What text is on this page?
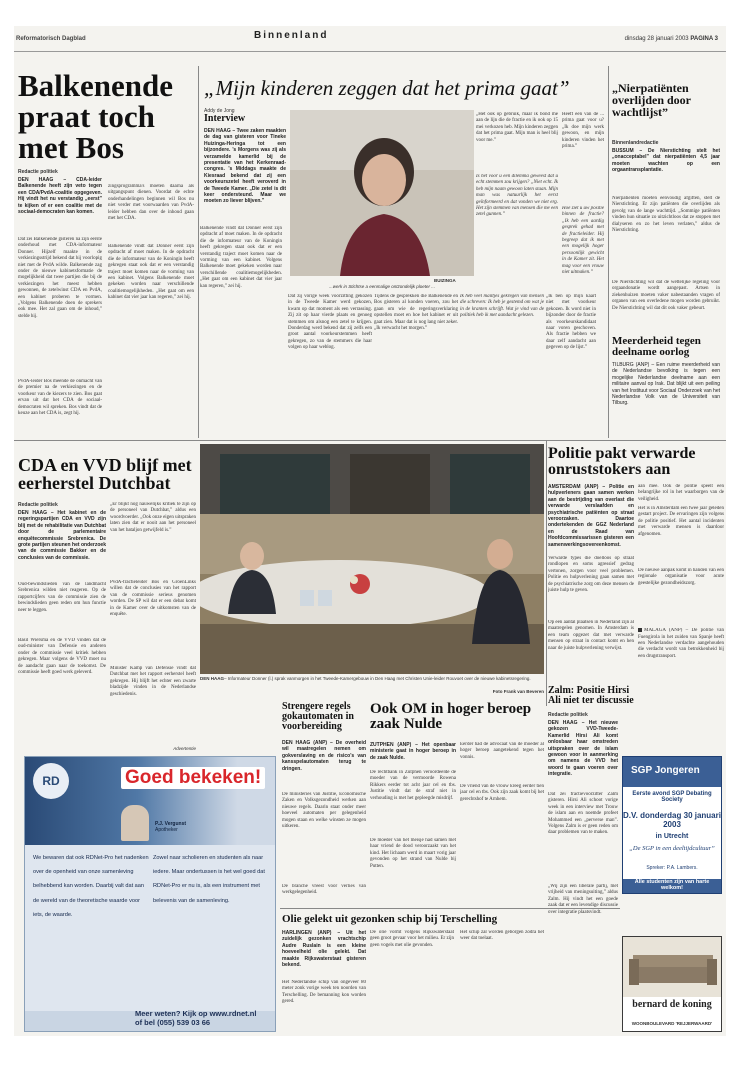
Reformatorisch Dagblad	Binnenland	dinsdag 28 januari 2003 PAGINA 3
Balkenende praat toch met Bos
Redactie politiek
DEN HAAG – CDA-leider Balkenende heeft zijn veto tegen een CDA/PvdA-coalitie opgegeven. Hij vindt het nu verstandig „eerst” te kijken of er een coalitie met de sociaal-democraten kan komen.
Dat zei Balkenende gisteren na zijn eerste onderhoud met CDA-informateur Donner. Hijzelf maakte in de verkiezingsstrijd bekend dat hij voorlopig niet met de PvdA wilde. Balkenende zag onder de nieuwe kabinetsformatie de mogelijkheid dat twee partijen die bij de verkiezingen het meest hebben gewonnen, de zetelwinst CDA en PvdA, een kabinet proberen te vormen. „Volgens Balkenende doen de sprekers ook mee. Het zal gaan om de inhoud,” stelde hij.
PvdA-leider Bos meende de onmacht van de premier na de verkiezingen en de voorkeur van de kiezers te zien. Bos gaat ervan uit dat het CDA de sociaal-democraten wil spreken. Bos vindt dat de keuze aan het CDA is, zegt hij.
zingsprogramma's moeten daarna als uitgangspunt dienen. Voordat de echte onderhandelingen beginnen wil Bos nu niet verder met voorwaarden van PvdA-leider hebben dan over de inhoud gaan met het CDA.
Balkenende vindt dat Donner eerst zijn opdracht af moet maken. In de opdracht die de informateur van de Koningin heeft gekregen staat ook dat er een verstandig traject moet komen naar de vorming van een kabinet. Volgens Balkenende moet gekeken worden naar verschillende coalitiemogelijkheden. „Het gaat om een kabinet dat vier jaar kan regeren,” zei hij.
Balkenende vindt dat Donner eerst zijn opdracht af moet maken. In de opdracht die de informateur van de Koningin heeft gekregen staat ook dat er een verstandig traject moet komen naar de vorming van een kabinet. Volgens Balkenende moet gekeken worden naar verschillende coalitiemogelijkheden. „Het gaat om een kabinet dat vier jaar kan regeren,” zei hij.
„Mijn kinderen zeggen dat het prima gaat”
Addy de Jong
Interview
DEN HAAG – Twee zaken maakten de dag van gisteren voor Tineke Huizinga-Heringa tot een bijzondere. ’s Morgens was zij als verzamelde kamerlid bij de presentatie van het Kerkenraad-congres. ’s Middags maakte de Kiesraad bekend dat zij een voorkeurszetel heeft veroverd in de Tweede Kamer. „Die zetel is dit keer ondersteund. Maar we moeten zo liever blijven.”
Dat zij vorige week voorzitting gekozen in de Tweede Kamer werd gekozen, kwam op dat moment als een verrassing. Zij zit op haar vierde plaats en genoeg stemmen om alsnog een zetel te krijgen. Donderdag werd bekend dat zij zelfs een groot aantal voorkeurstemmen heeft gekregen, zo van de stemmers die haar volgen op haar weblog.
Tijdens de gesprekken die Balkenende en Bos gisteren al konden voeren, zou het gaan om wie de regeringsverklaring opstellen moet en hoe het kabinet er uit gaat zien. Maar dat is nog lang niet zeker. „Ik verwacht het morgen.”
Ik heb veel mailtjes gekregen van mensen die schreven: Ik heb je gestemd om wat je in de kranten schrijft. Wat je vind van de politiek heb ik met aandacht gelezen.
„Het ook op gebruik, maar ik bond me aan de lijn die de fractie en ik ook op 15 mei verkozen heb. Mijn kinderen zeggen dat het prima gaat. Mijn man is heel blij voor me.”
Is het voor u een dilemma geweest dat u echt stemmen zou krijgen? „Niet echt. Ik heb mijn naam gewoon laten staan. Mijn man was natuurlijk het eerst geïnformeerd en dat vonden we niet erg. Het zijn stemmen van mensen die me een zetel gunnen.”
„Ik ben op mijn kaart niet met voorkeur gekozen. Ik word niet in bijzonder door de fractie als voorkeurskandidaat naar voren geschoven. Als fractie hebben we daar zelf aandacht aan gegeven op de lijst.”
Heeft een van de ... prima gaat voor u? „Ik doe mijn werk gewoon, en mijn kinderen vinden het prima.”
Hoe ziet u uw positie binnen de fractie? „Ik heb een aardig gesprek gehad met de fractieleider. Hij begreep dat ik met een mogelijk hoger persoonlijk gewicht in de Kamer zit. Het mag voor een vrouw niet uitmaken.”
BUIZINGA
...werk in Stichtse a eenmalige ontzondelijk ploeter ...
„Nierpatiënten overlijden door wachtlijst”
Binnenlandredactie
BUSSUM – De Nierstichting stelt het „onacceptabel” dat nierpatiënten 4,5 jaar moeten wachten op een orgaantransplantatie.
Nierpatiënten moeten eenvoudig afgiften, stelt de Nierstichting. Er zijn patiënten die overlijden als gevolg van de lange wachttijd. „Sommige patiënten vinden hun situatie zo uitzichtloos dat ze stoppen met dialyseren en zo het leven verlaten,” aldus de Nierstichting.
De Nierstichting wil dat de wettelijke regeling voor orgaandonatie wordt aangepast. Artsen in ziekenhuizen moeten vaker nabestaanden vragen of organen van een overledene mogen worden gebruikt. De Nierstichting wil dat dit ook vaker gebeurt.
Meerderheid tegen deelname oorlog
TILBURG (ANP) – Een ruime meerderheid van de Nederlandse bevolking is tegen een mogelijke Nederlandse deelname aan een militaire aanval op Irak. Dat blijkt uit een peiling van het Instituut voor Sociaal Onderzoek van het Nederlandse Volk van de Universiteit van Tilburg.
CDA en VVD blijf met eerherstel Dutchbat
Redactie politiek
DEN HAAG – Het kabinet en de regeringspartijen CDA en VVD zijn blij met de rehabilitatie van Dutchbat door de parlementaire enquêtecommissie Srebrenica. De grote partijen steunen het onderzoek van de commissie Bakker en de conclusies van de commissie.
Oud-bewindslieden van de landmacht Srebrenica wilden niet reageren. Op de rapportcijfers van de commissie zien de bewindslieden geen reden om hun functie neer te leggen.
Basil Wiersma en de VVD vinden dat de oud-minister van Defensie en anderen onder de commissie veel kritiek hebben gekregen. Maar volgens de VVD moet nu de aandacht gaan naar de toekomst. De commissie heeft goed werk geleverd.
„Er blijkt nog nauwelijks kritiek te zijn op de personeel van Dutchbat,” aldus een woordvoerder. „Ook onze eigen uitspraken laten zien dat er nooit aan het personeel van het bataljon getwijfeld is.”
PvdA-fractieleider Bos en GroenLinks willen dat de conclusies van het rapport van de commissie serieus genomen worden. De SP wil dat er een debat komt in de Kamer over de uitkomsten van de enquête.
Minister Kamp van Defensie vindt dat Dutchbat met het rapport eerherstel heeft gekregen. Hij blijft het echter een zwarte bladzijde vinden in de Nederlandse geschiedenis.
Advertentie
DEN HAAG– Informateur Donner (l.) sprak vanmorgen in het Tweede-Kamergebouw in Den Haag met Christen Unie-leider Rouvoet over de nieuwe kabinetsregering.
Foto Frank van Beveren
Politie pakt verwarde onruststokers aan
AMSTERDAM (ANP) – Politie en hulpverleners gaan samen werken aan de bestrijding van overlast die verwarde verslaafden en psychiatrische patiënten op straat veroorzaken. Daartoe ondertekenden de GGZ Nederland en de Raad van Hoofdcommissarissen gisteren een samenwerkingsovereenkomst.
Verwarde types die doelloos op straat rondlopen en soms agressief gedrag vertonen, zorgen voor veel problemen. Politie en hulpverlening gaan samen met de psychiatrische zorg om deze mensen de juiste hulp te geven.
Op een aantal plaatsen in Nederland zijn al maatregelen genomen. In Amsterdam is een team opgezet dat met verwarde mensen op straat in contact komt en hen naar de juiste hulpverlening verwijst.
aan mee. Ook de politie speelt een belangrijke rol in het waarborgen van de veiligheid.
Het is in Amsterdam een twee jaar geleden gestart project. De ervaringen zijn volgens de politie positief. Het aantal incidenten met verwarde mensen is daardoor afgenomen.
De nieuwe aanpak komt in handen van een regionale organisatie voor acute geestelijke gezondheidszorg.
MALAGA (ANP) – De politie van Fuengirola in het zuiden van Spanje heeft een Nederlandse verdachte aangehouden die verdacht wordt van betrokkenheid bij een drugstransport.
Zalm: Positie Hirsi Ali niet ter discussie
Redactie politiek
DEN HAAG – Het nieuwe gekozen VVD-Tweede-Kamerlid Hirsi Ali komt onlosbaar haar omstreden uitspraken over de islam gewoon voor in aanmerking om namens de VVD het woord te gaan voeren over integratie.
Dat zei fractievoorzitter Zalm gisteren. Hirsi Ali schoot vorige week in een interview met Trouw de islam aan en noemde profeet Mohammed een „perverse man”. Volgens Zalm is er geen reden om daar problemen van te maken.
„Wij zijn een liberale partij, met vrijheid van meningsuiting,” aldus Zalm. Hij vindt het een goede zaak dat er een levendige discussie over integratie plaatsvindt.
Strengere regels gokautomaten in voorbereiding
DEN HAAG (ANP) – De overheid wil maatregelen nemen om gokverslaving en de risico's van kansspelautomaten terug te dringen.
De ministeries van Justitie, Economische Zaken en Volksgezondheid werken aan nieuwe regels. Daarin staat onder meer hoeveel automaten per gelegenheid mogen staan en welke winsten ze mogen uitkeren.
De branche vreest voor verlies van werkgelegenheid.
Ook OM in hoger beroep zaak Nulde
ZUTPHEN (ANP) – Het openbaar ministerie gaat in hoger beroep in de zaak Nulde.
De rechtbank in Zutphen veroordeelde de moeder van de vermoorde Rowena Rikkers eerder tot acht jaar cel en tbs. Justitie vindt dat de straf niet in verhouding is met het gepleegde misdrijf.
De moeder van het meisje had samen met haar vriend de dood veroorzaakt van het kind. Het lichaam werd in maart vorig jaar gevonden op het strand van Nulde bij Putten.
Eerder had de advocaat van de moeder al hoger beroep aangetekend tegen het vonnis.
De vriend van de vrouw kreeg eerder tien jaar cel en tbs. Ook zijn zaak komt bij het gerechtshof te Arnhem.
Olie gelekt uit gezonken schip bij Terschelling
HARLINGEN (ANP) – Uit het zuidelijk gezonken vrachtschip Audre Ruslain is een kleine hoeveelheid olie gelekt. Dat maakte Rijkswaterstaat gisteren bekend.
Het Nederlandse schip van ongeveer 80 meter zonk vorige week ten noorden van Terschelling. De bemanning kon worden gered.
De olie vormt volgens Rijkswaterstaat geen groot gevaar voor het milieu. Er zijn geen vogels met olie gevonden.
Het schip zal worden geborgen zodra het weer dat toelaat.
RD	Goed bekeken!
P.J. Vergunst
Apotheker
We bewaren dat ook RDNet-Pro het nadenken over de openheid van onze samenleving belhebbend kan worden. Daarbij valt dat aan de wereld van de theoretische waarde voor iets, de waarde.
Zowel naar scholieren en studenten als naar iedere. Maar ondertussen is het wel goed dat RDNet-Pro er nu is, als een instrument met belevenis van de samenleving.
Meer weten? Kijk op www.rdnet.nl
of bel (055) 539 03 66
SGP Jongeren
Eerste avond SGP Debating Society
D.V. donderdag 30 januari 2003
in Utrecht
„De SGP in een deeltijdcultuur”
Spreker: P.A. Lambers.
Alle studenten zijn van harte welkom!
bernard de koning
WOONBOULEVARD 'REJJERWAARD'
